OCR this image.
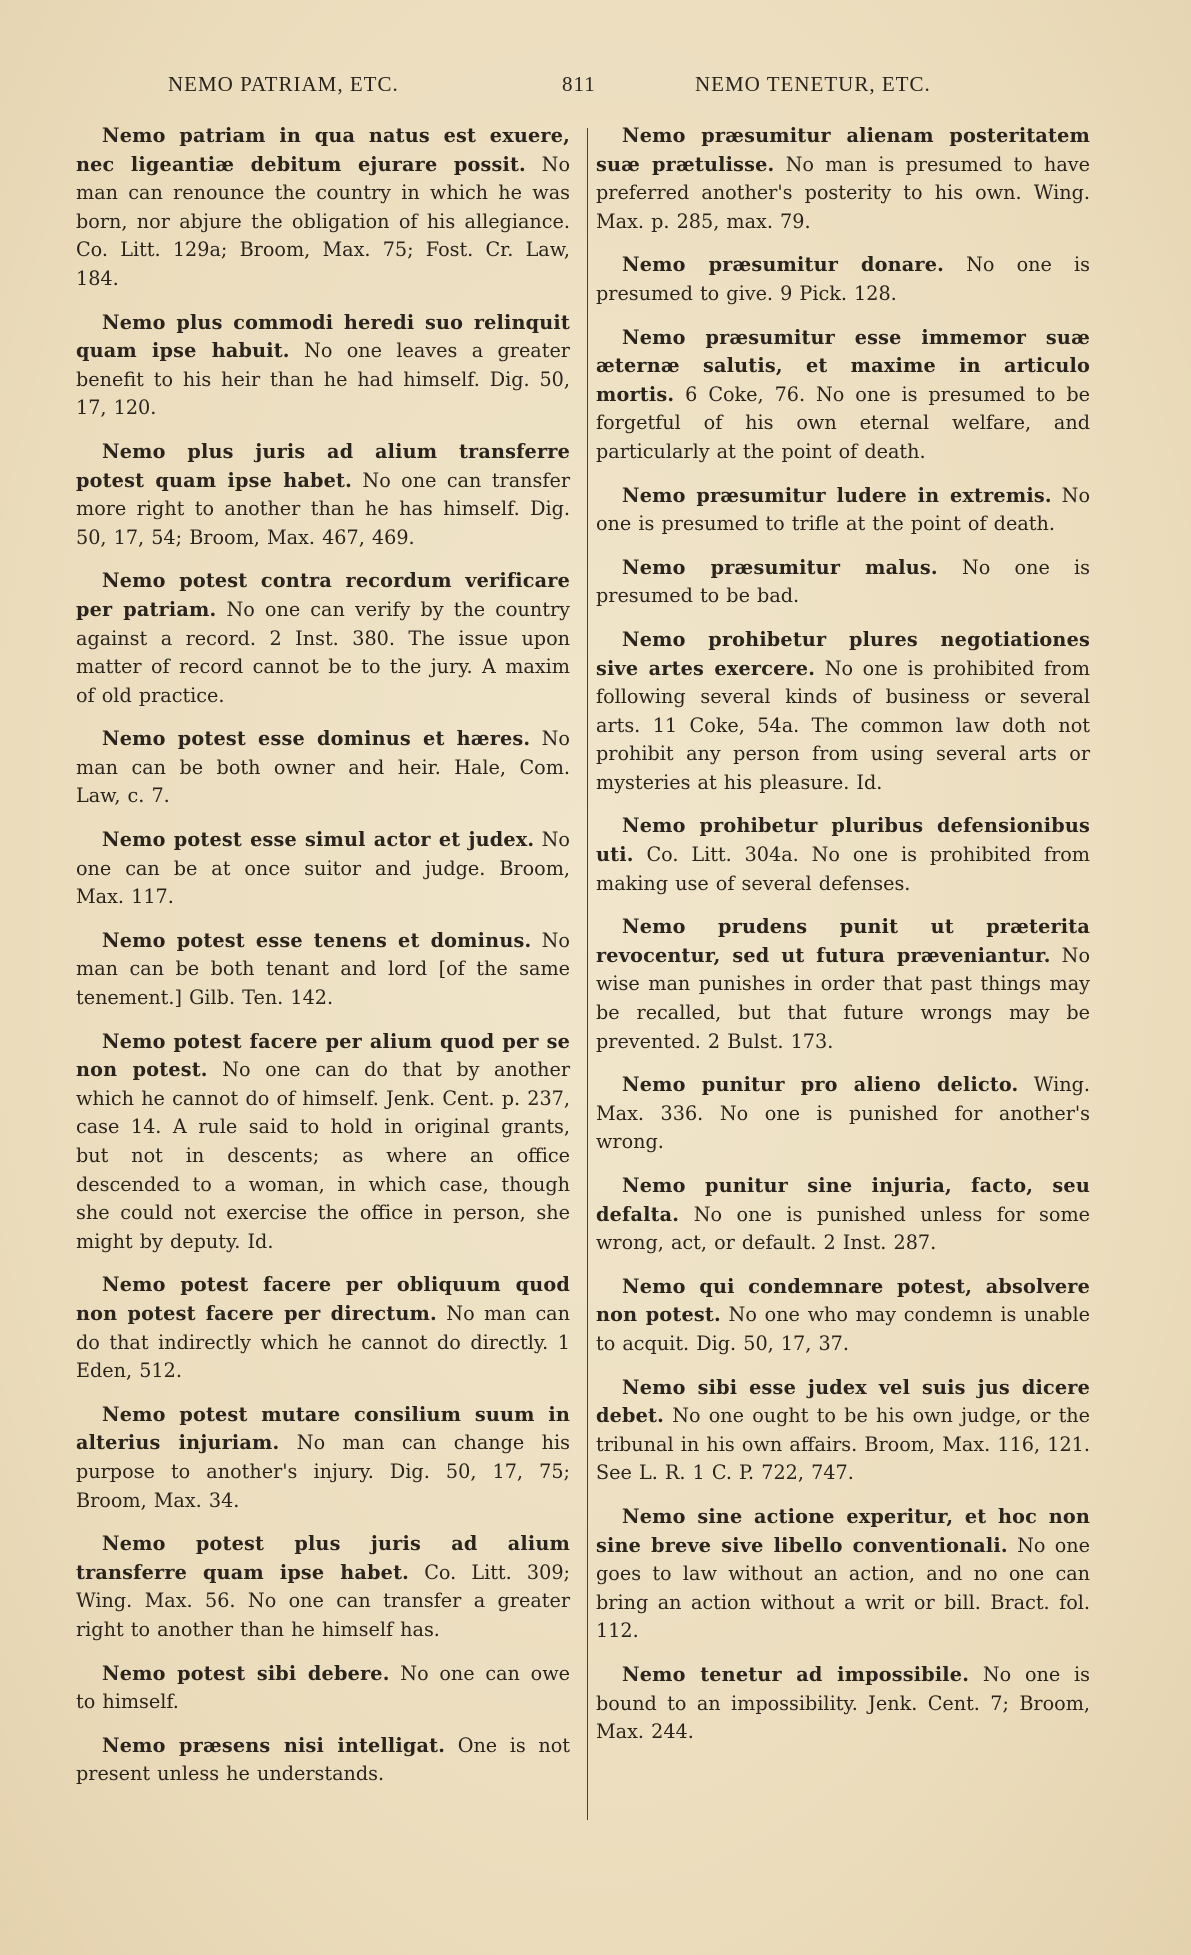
NEMO PATRIAM, ETC.	811	NEMO TENETUR, ETC.

Nemo patriam in qua natus est exuere, nec ligeantiæ debitum ejurare possit. No man can renounce the country in which he was born, nor abjure the obligation of his allegiance. Co. Litt. 129a; Broom, Max. 75; Fost. Cr. Law, 184.

Nemo plus commodi heredi suo relinquit quam ipse habuit. No one leaves a greater benefit to his heir than he had himself. Dig. 50, 17, 120.

Nemo plus juris ad alium transferre potest quam ipse habet. No one can transfer more right to another than he has himself. Dig. 50, 17, 54; Broom, Max. 467, 469.

Nemo potest contra recordum verificare per patriam. No one can verify by the country against a record. 2 Inst. 380. The issue upon matter of record cannot be to the jury. A maxim of old practice.

Nemo potest esse dominus et hæres. No man can be both owner and heir. Hale, Com. Law, c. 7.

Nemo potest esse simul actor et judex. No one can be at once suitor and judge. Broom, Max. 117.

Nemo potest esse tenens et dominus. No man can be both tenant and lord [of the same tenement.] Gilb. Ten. 142.

Nemo potest facere per alium quod per se non potest. No one can do that by another which he cannot do of himself. Jenk. Cent. p. 237, case 14. A rule said to hold in original grants, but not in descents; as where an office descended to a woman, in which case, though she could not exercise the office in person, she might by deputy. Id.

Nemo potest facere per obliquum quod non potest facere per directum. No man can do that indirectly which he cannot do directly. 1 Eden, 512.

Nemo potest mutare consilium suum in alterius injuriam. No man can change his purpose to another's injury. Dig. 50, 17, 75; Broom, Max. 34.

Nemo potest plus juris ad alium transferre quam ipse habet. Co. Litt. 309; Wing. Max. 56. No one can transfer a greater right to another than he himself has.

Nemo potest sibi debere. No one can owe to himself.

Nemo præsens nisi intelligat. One is not present unless he understands.

Nemo præsumitur alienam posteritatem suæ prætulisse. No man is presumed to have preferred another's posterity to his own. Wing. Max. p. 285, max. 79.

Nemo præsumitur donare. No one is presumed to give. 9 Pick. 128.

Nemo præsumitur esse immemor suæ æternæ salutis, et maxime in articulo mortis. 6 Coke, 76. No one is presumed to be forgetful of his own eternal welfare, and particularly at the point of death.

Nemo præsumitur ludere in extremis. No one is presumed to trifle at the point of death.

Nemo præsumitur malus. No one is presumed to be bad.

Nemo prohibetur plures negotiationes sive artes exercere. No one is prohibited from following several kinds of business or several arts. 11 Coke, 54a. The common law doth not prohibit any person from using several arts or mysteries at his pleasure. Id.

Nemo prohibetur pluribus defensionibus uti. Co. Litt. 304a. No one is prohibited from making use of several defenses.

Nemo prudens punit ut præterita revocentur, sed ut futura præveniantur. No wise man punishes in order that past things may be recalled, but that future wrongs may be prevented. 2 Bulst. 173.

Nemo punitur pro alieno delicto. Wing. Max. 336. No one is punished for another's wrong.

Nemo punitur sine injuria, facto, seu defalta. No one is punished unless for some wrong, act, or default. 2 Inst. 287.

Nemo qui condemnare potest, absolvere non potest. No one who may condemn is unable to acquit. Dig. 50, 17, 37.

Nemo sibi esse judex vel suis jus dicere debet. No one ought to be his own judge, or the tribunal in his own affairs. Broom, Max. 116, 121. See L. R. 1 C. P. 722, 747.

Nemo sine actione experitur, et hoc non sine breve sive libello conventionali. No one goes to law without an action, and no one can bring an action without a writ or bill. Bract. fol. 112.

Nemo tenetur ad impossibile. No one is bound to an impossibility. Jenk. Cent. 7; Broom, Max. 244.
